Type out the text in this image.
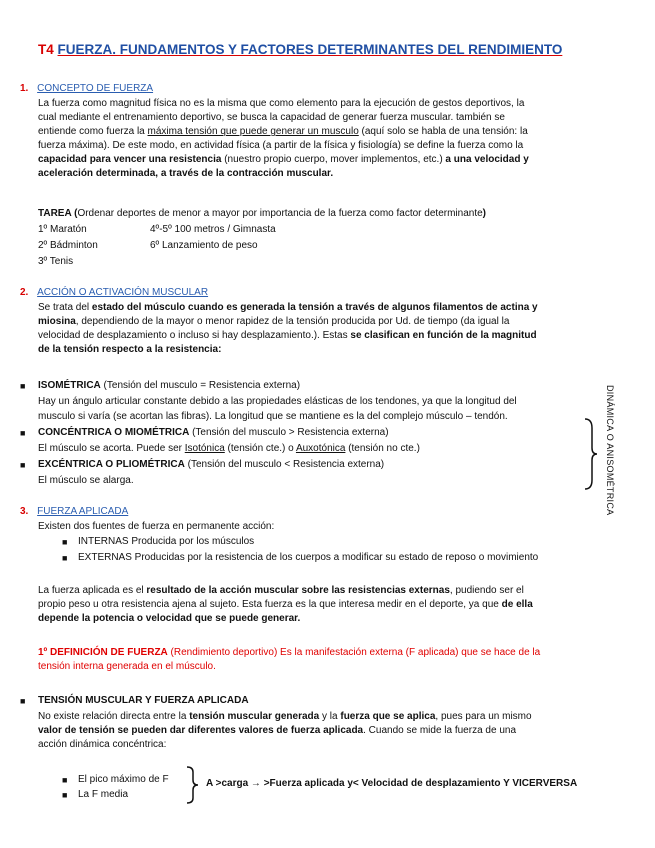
T4 FUERZA. FUNDAMENTOS Y FACTORES DETERMINANTES DEL RENDIMIENTO
1. CONCEPTO DE FUERZA
La fuerza como magnitud física no es la misma que como elemento para la ejecución de gestos deportivos, la
cual mediante el entrenamiento deportivo, se busca la capacidad de generar fuerza muscular. también se
entiende como fuerza la máxima tensión que puede generar un musculo (aquí solo se habla de una tensión: la
fuerza máxima). De este modo, en actividad física (a partir de la física y fisiología) se define la fuerza como la
capacidad para vencer una resistencia (nuestro propio cuerpo, mover implementos, etc.) a una velocidad y
aceleración determinada, a través de la contracción muscular.
TAREA (Ordenar deportes de menor a mayor por importancia de la fuerza como factor determinante)
1º Maratón	4º-5º 100 metros / Gimnasta
2º Bádminton	6º Lanzamiento de peso
3º Tenis
2. ACCIÓN O ACTIVACIÓN MUSCULAR
Se trata del estado del músculo cuando es generada la tensión a través de algunos filamentos de actina y
miosina, dependiendo de la mayor o menor rapidez de la tensión producida por Ud. de tiempo (da igual la
velocidad de desplazamiento o incluso si hay desplazamiento.). Estas se clasifican en función de la magnitud
de la tensión respecto a la resistencia:
■ ISOMÉTRICA (Tensión del musculo = Resistencia externa)
Hay un ángulo articular constante debido a las propiedades elásticas de los tendones, ya que la longitud del
musculo si varía (se acortan las fibras). La longitud que se mantiene es la del complejo músculo – tendón.
■ CONCÉNTRICA O MIOMÉTRICA (Tensión del musculo > Resistencia externa)
El músculo se acorta. Puede ser Isotónica (tensión cte.) o Auxotónica (tensión no cte.)
■ EXCÉNTRICA O PLIOMÉTRICA (Tensión del musculo < Resistencia externa)
El músculo se alarga.	DINÁMICA O ANISOMÉTRICA
3. FUERZA APLICADA
Existen dos fuentes de fuerza en permanente acción:
■ INTERNAS Producida por los músculos
■ EXTERNAS Producidas por la resistencia de los cuerpos a modificar su estado de reposo o movimiento
La fuerza aplicada es el resultado de la acción muscular sobre las resistencias externas, pudiendo ser el
propio peso u otra resistencia ajena al sujeto. Esta fuerza es la que interesa medir en el deporte, ya que de ella
depende la potencia o velocidad que se puede generar.
1º DEFINICIÓN DE FUERZA (Rendimiento deportivo) Es la manifestación externa (F aplicada) que se hace de la
tensión interna generada en el músculo.
■ TENSIÓN MUSCULAR Y FUERZA APLICADA
No existe relación directa entre la tensión muscular generada y la fuerza que se aplica, pues para un mismo
valor de tensión se pueden dar diferentes valores de fuerza aplicada. Cuando se mide la fuerza de una
acción dinámica concéntrica:
■ El pico máximo de F
■ La F media
A >carga → >Fuerza aplicada y< Velocidad de desplazamiento Y VICERVERSA
